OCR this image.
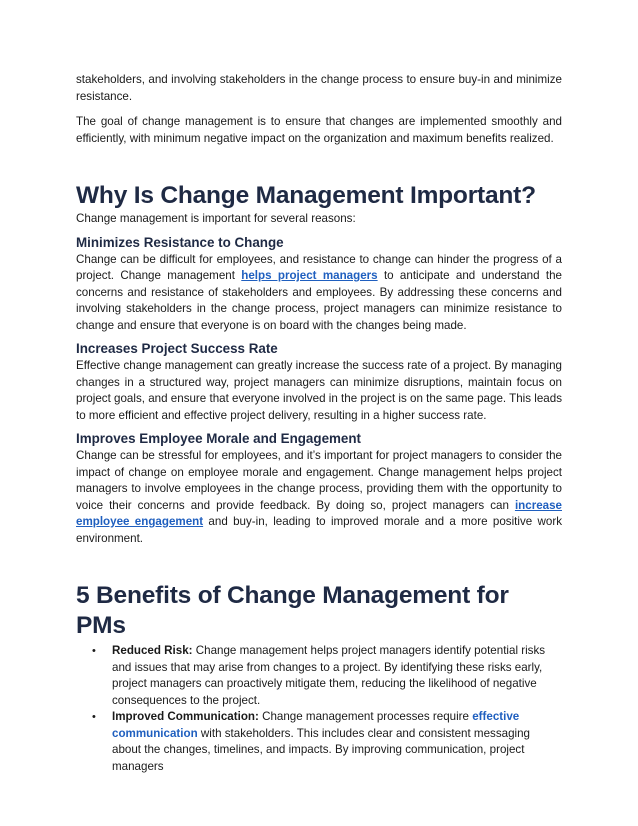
stakeholders, and involving stakeholders in the change process to ensure buy-in and minimize resistance.

The goal of change management is to ensure that changes are implemented smoothly and efficiently, with minimum negative impact on the organization and maximum benefits realized.

Why Is Change Management Important?

Change management is important for several reasons:

Minimizes Resistance to Change

Change can be difficult for employees, and resistance to change can hinder the progress of a project. Change management helps project managers to anticipate and understand the concerns and resistance of stakeholders and employees. By addressing these concerns and involving stakeholders in the change process, project managers can minimize resistance to change and ensure that everyone is on board with the changes being made.

Increases Project Success Rate

Effective change management can greatly increase the success rate of a project. By managing changes in a structured way, project managers can minimize disruptions, maintain focus on project goals, and ensure that everyone involved in the project is on the same page. This leads to more efficient and effective project delivery, resulting in a higher success rate.

Improves Employee Morale and Engagement

Change can be stressful for employees, and it’s important for project managers to consider the impact of change on employee morale and engagement. Change management helps project managers to involve employees in the change process, providing them with the opportunity to voice their concerns and provide feedback. By doing so, project managers can increase employee engagement and buy-in, leading to improved morale and a more positive work environment.

5 Benefits of Change Management for PMs
• Reduced Risk: Change management helps project managers identify potential risks and issues that may arise from changes to a project. By identifying these risks early, project managers can proactively mitigate them, reducing the likelihood of negative consequences to the project.
• Improved Communication: Change management processes require effective communication with stakeholders. This includes clear and consistent messaging about the changes, timelines, and impacts. By improving communication, project managers
